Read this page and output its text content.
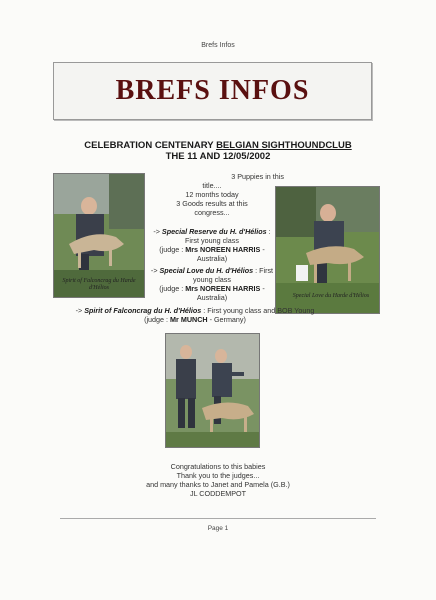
Brefs Infos
BREFS INFOS
CELEBRATION CENTENARY BELGIAN SIGHTHOUNDCLUB
THE 11 AND 12/05/2002
Spirit of Falconcrag du Harde d'Hélios
Special Love du Harde d'Hélios
3 Puppies in this
title....
12 months today
3 Goods results at this
congress...
-> Special Reserve du H. d'Hélios : First young class
(judge : Mrs NOREEN HARRIS - Australia)
-> Special Love du H. d'Hélios : First young class
(judge : Mrs NOREEN HARRIS - Australia)
-> Spirit of Falconcrag du H. d'Hélios : First young class and BOB Young (judge : Mr MUNCH - Germany)
Congratulations to this babies
Thank you to the judges...
and many thanks to Janet and Pamela (G.B.)
JL CODDEMPOT
Page 1
